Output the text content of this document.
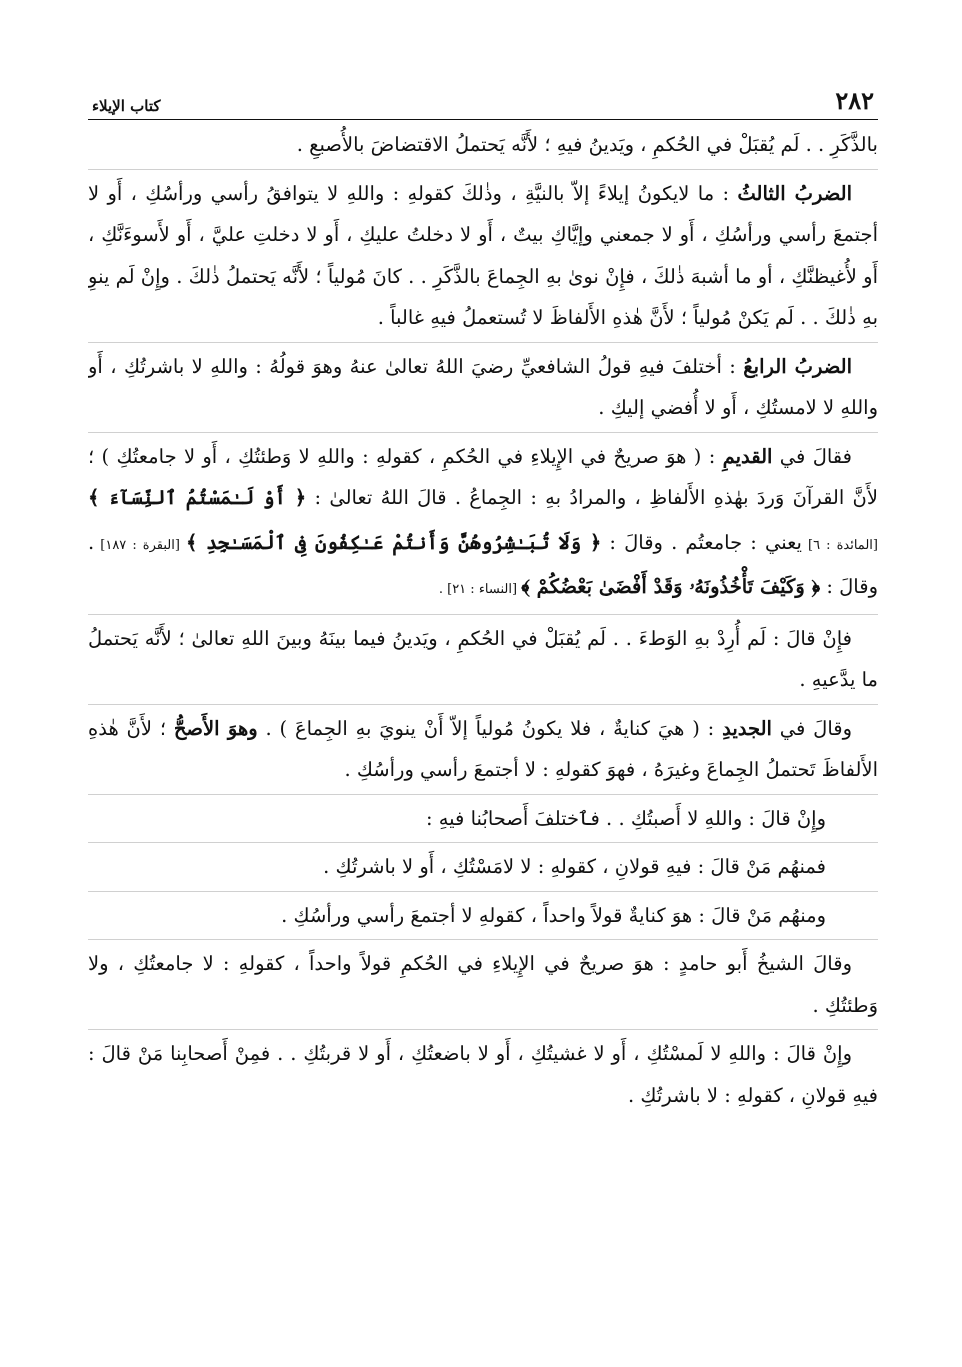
٢٨٢
كتاب الإيلاء

بالذَّكَرِ . . لَم يُقبَلْ في الحُكمِ ، ويَدينُ فيهِ ؛ لأَنَّه يَحتملُ الاقتضاضَ بالأُصبعِ .

الضربُ الثالثُ : ما لايكونُ إيلاءً إلاّ بالنيَّةِ ، وذٰلكَ كقولهِ : واللهِ لا يتوافقُ رأسي ورأسُكِ ، أَو لا أجتمعَ رأسي ورأسُكِ ، أَو لا جمعني وإيَّاكِ بيتٌ ، أَو لا دخلتُ عليكِ ، أَو لا دخلتِ عليَّ ، أَو لأَسوءَنَّكِ ، أَو لأُغيظنَّكِ ، أو ما أشبهَ ذٰلكَ ، فإِنْ نوىٰ بهِ الجِماعَ بالذَّكَرِ . . كانَ مُولياً ؛ لأَنَّه يَحتملُ ذٰلكَ . وإِنْ لَم ينوِ بهِ ذٰلكَ . . لَم يَكنْ مُولياً ؛ لأَنَّ هٰذهِ الأَلفاظَ لا تُستعملُ فيهِ غالباً .

الضربُ الرابعُ : أختلفَ فيهِ قولُ الشافعيِّ رضيَ اللهُ تعالىٰ عنهُ وهوَ قولُهُ : واللهِ لا باشرتُكِ ، أَو واللهِ لا لامستُكِ ، أَو لا أُفضي إليكِ .

فقالَ في القديمِ : ( هوَ صريحٌ في الإِيلاءِ في الحُكمِ ، كقولهِ : واللهِ لا وَطئتُكِ ، أَو لا جامعتُكِ ) ؛ لأَنَّ القرآنَ وَردَ بهٰذهِ الأَلفاظِ ، والمرادُ بهِ : الجِماعُ . قالَ اللهُ تعالىٰ : ﴿ أَوْ لَـٰمَسْتُمُ ٱلنِّسَآءَ ﴾ [المائدة : ٦] يعني : جامعتُم . وقالَ : ﴿ وَلَا تُبَـٰشِرُوهُنَّ وَأَنتُمْ عَـٰكِفُونَ فِى ٱلْمَسَـٰجِدِ ﴾ [البقرة : ١٨٧] . وقالَ : ﴿ وَكَيْفَ تَأْخُذُونَهُۥ وَقَدْ أَفْضَىٰ بَعْضُكُمْ ﴾ [النساء : ٢١] .

فإِنْ قالَ : لَم أُرِدْ بهِ الوَطءَ . . لَم يُقبَلْ في الحُكمِ ، ويَدينُ فيما بينَهُ وبينَ اللهِ تعالىٰ ؛ لأَنَّه يَحتملُ ما يدَّعيهِ .

وقالَ في الجديدِ : ( هيَ كنايةٌ ، فلا يكونُ مُولياً إلاّ أَنْ ينويَ بهِ الجِماعَ ) . وهوَ الأَصحُّ ؛ لأَنَّ هٰذهِ الأَلفاظَ تَحتملُ الجِماعَ وغيرَهُ ، فهوَ كقولهِ : لا أجتمعَ رأسي ورأسُكِ .

وإِنْ قالَ : واللهِ لا أَصبتُكِ . . فٱختلفَ أَصحابُنا فيهِ :

فمنهُم مَنْ قالَ : فيهِ قولانِ ، كقولهِ : لا لامَسْتُكِ ، أَو لا باشرتُكِ .

ومنهُم مَنْ قالَ : هوَ كنايةٌ قولاً واحداً ، كقولهِ لا أجتمعَ رأسي ورأسُكِ .

وقالَ الشيخُ أَبو حامدٍ : هوَ صريحٌ في الإِيلاءِ في الحُكمِ قولاً واحداً ، كقولهِ : لا جامعتُكِ ، ولا وَطئتُكِ .

وإِنْ قالَ : واللهِ لا لَمسْتُكِ ، أَو لا غشيتُكِ ، أَو لا باضعتُكِ ، أَو لا قربتُكِ . . فمِنْ أَصحابِنا مَنْ قالَ : فيهِ قولانِ ، كقولهِ : لا باشرتُكِ .
